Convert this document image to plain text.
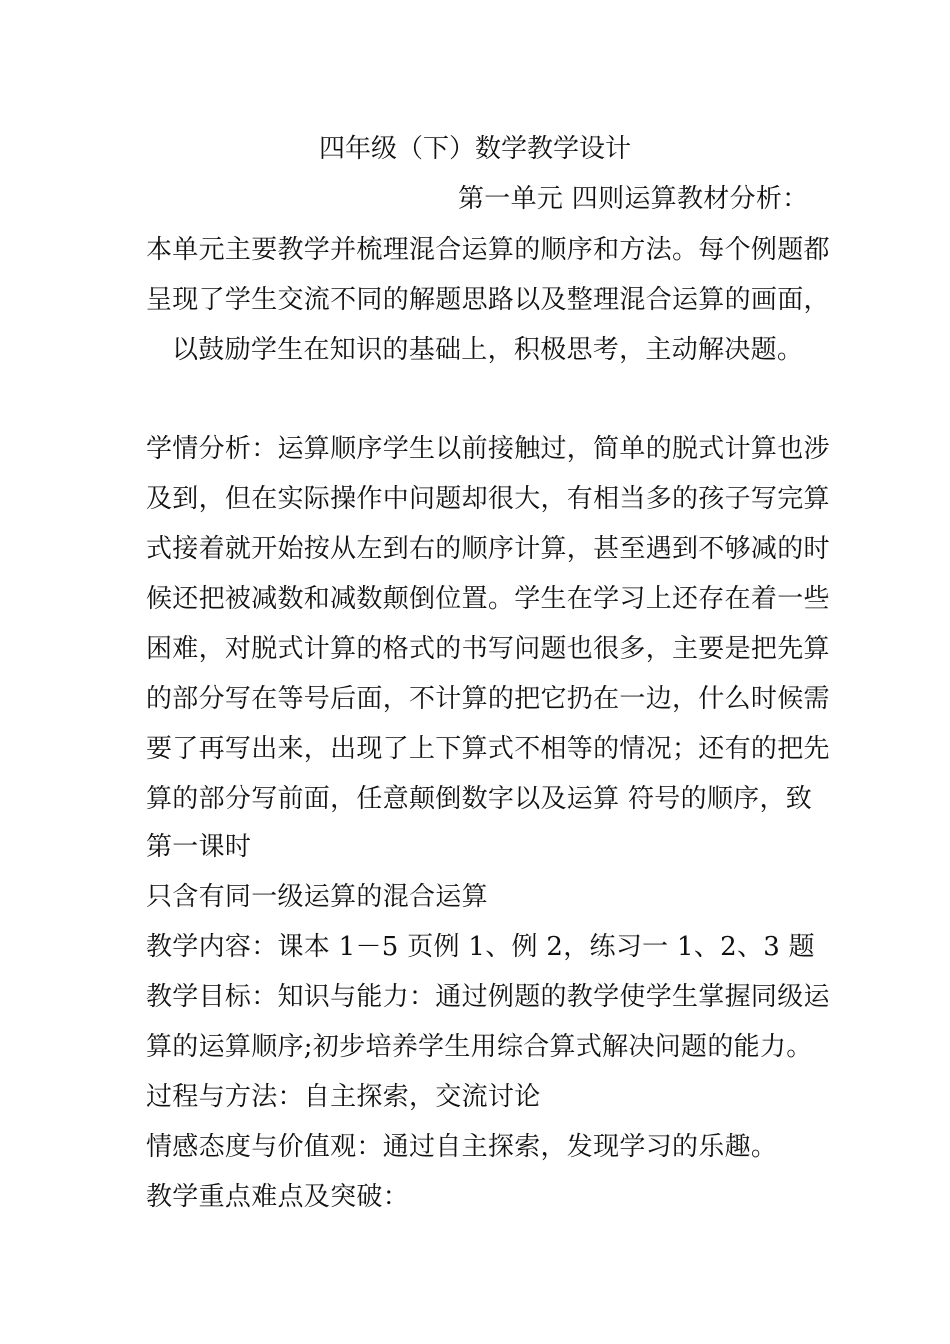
四年级（下）数学教学设计
第一单元 四则运算教材分析：
本单元主要教学并梳理混合运算的顺序和方法。每个例题都
呈现了学生交流不同的解题思路以及整理混合运算的画面，
以鼓励学生在知识的基础上，积极思考，主动解决题。
学情分析：运算顺序学生以前接触过，简单的脱式计算也涉
及到，但在实际操作中问题却很大，有相当多的孩子写完算
式接着就开始按从左到右的顺序计算，甚至遇到不够减的时
候还把被减数和减数颠倒位置。学生在学习上还存在着一些
困难，对脱式计算的格式的书写问题也很多，主要是把先算
的部分写在等号后面，不计算的把它扔在一边，什么时候需
要了再写出来，出现了上下算式不相等的情况；还有的把先
算的部分写前面，任意颠倒数字以及运算 符号的顺序，致
第一课时
只含有同一级运算的混合运算
教学内容：课本 1－5 页例 1、例 2，练习一 1、2、3 题
教学目标：知识与能力：通过例题的教学使学生掌握同级运
算的运算顺序;初步培养学生用综合算式解决问题的能力。
过程与方法：自主探索，交流讨论
情感态度与价值观：通过自主探索，发现学习的乐趣。
教学重点难点及突破：
